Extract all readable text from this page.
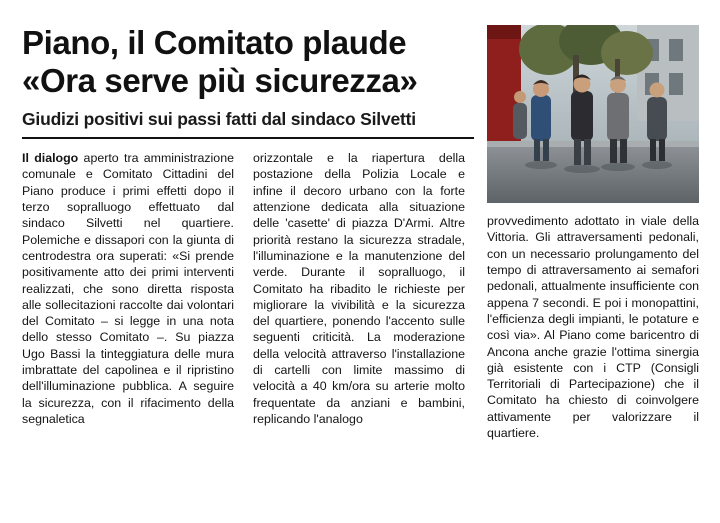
Piano, il Comitato plaude
«Ora serve più sicurezza»
Giudizi positivi sui passi fatti dal sindaco Silvetti

Il dialogo aperto tra amministrazione comunale e Comitato Cittadini del Piano produce i primi effetti dopo il terzo sopralluogo effettuato dal sindaco Silvetti nel quartiere. Polemiche e dissapori con la giunta di centrodestra ora superati: «Si prende positivamente atto dei primi interventi realizzati, che sono diretta risposta alle sollecitazioni raccolte dai volontari del Comitato – si legge in una nota dello stesso Comitato –. Su piazza Ugo Bassi la tinteggiatura delle mura imbrattate del capolinea e il ripristino dell'illuminazione pubblica. A seguire la sicurezza, con il rifacimento della segnaletica

orizzontale e la riapertura della postazione della Polizia Locale e infine il decoro urbano con la forte attenzione dedicata alla situazione delle 'casette' di piazza D'Armi. Altre priorità restano la sicurezza stradale, l'illuminazione e la manutenzione del verde. Durante il sopralluogo, il Comitato ha ribadito le richieste per migliorare la vivibilità e la sicurezza del quartiere, ponendo l'accento sulle seguenti criticità. La moderazione della velocità attraverso l'installazione di cartelli con limite massimo di velocità a 40 km/ora su arterie molto frequentate da anziani e bambini, replicando l'analogo

provvedimento adottato in viale della Vittoria. Gli attraversamenti pedonali, con un necessario prolungamento del tempo di attraversamento ai semafori pedonali, attualmente insufficiente con appena 7 secondi. E poi i monopattini, l'efficienza degli impianti, le potature e così via». Al Piano come baricentro di Ancona anche grazie l'ottima sinergia già esistente con i CTP (Consigli Territoriali di Partecipazione) che il Comitato ha chiesto di coinvolgere attivamente per valorizzare il quartiere.
